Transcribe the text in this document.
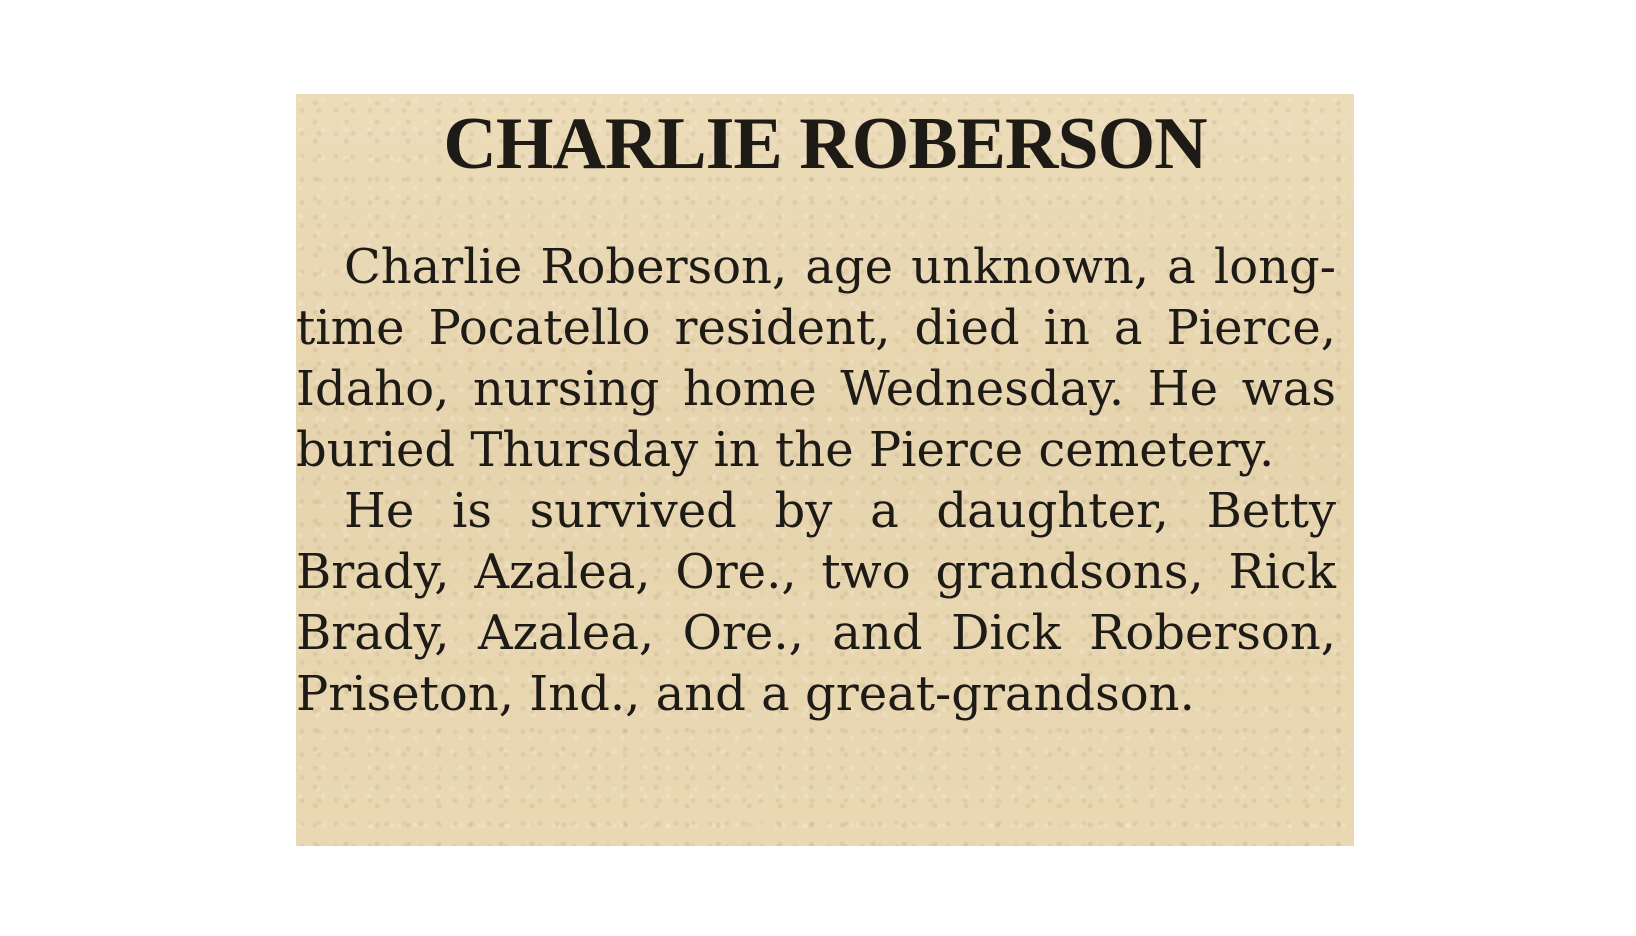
CHARLIE ROBERSON

Charlie Roberson, age unknown, a long-time Pocatello resident, died in a Pierce, Idaho, nursing home Wednesday. He was buried Thursday in the Pierce cemetery.

He is survived by a daughter, Betty Brady, Azalea, Ore., two grandsons, Rick Brady, Azalea, Ore., and Dick Roberson, Priseton, Ind., and a great-grandson.
